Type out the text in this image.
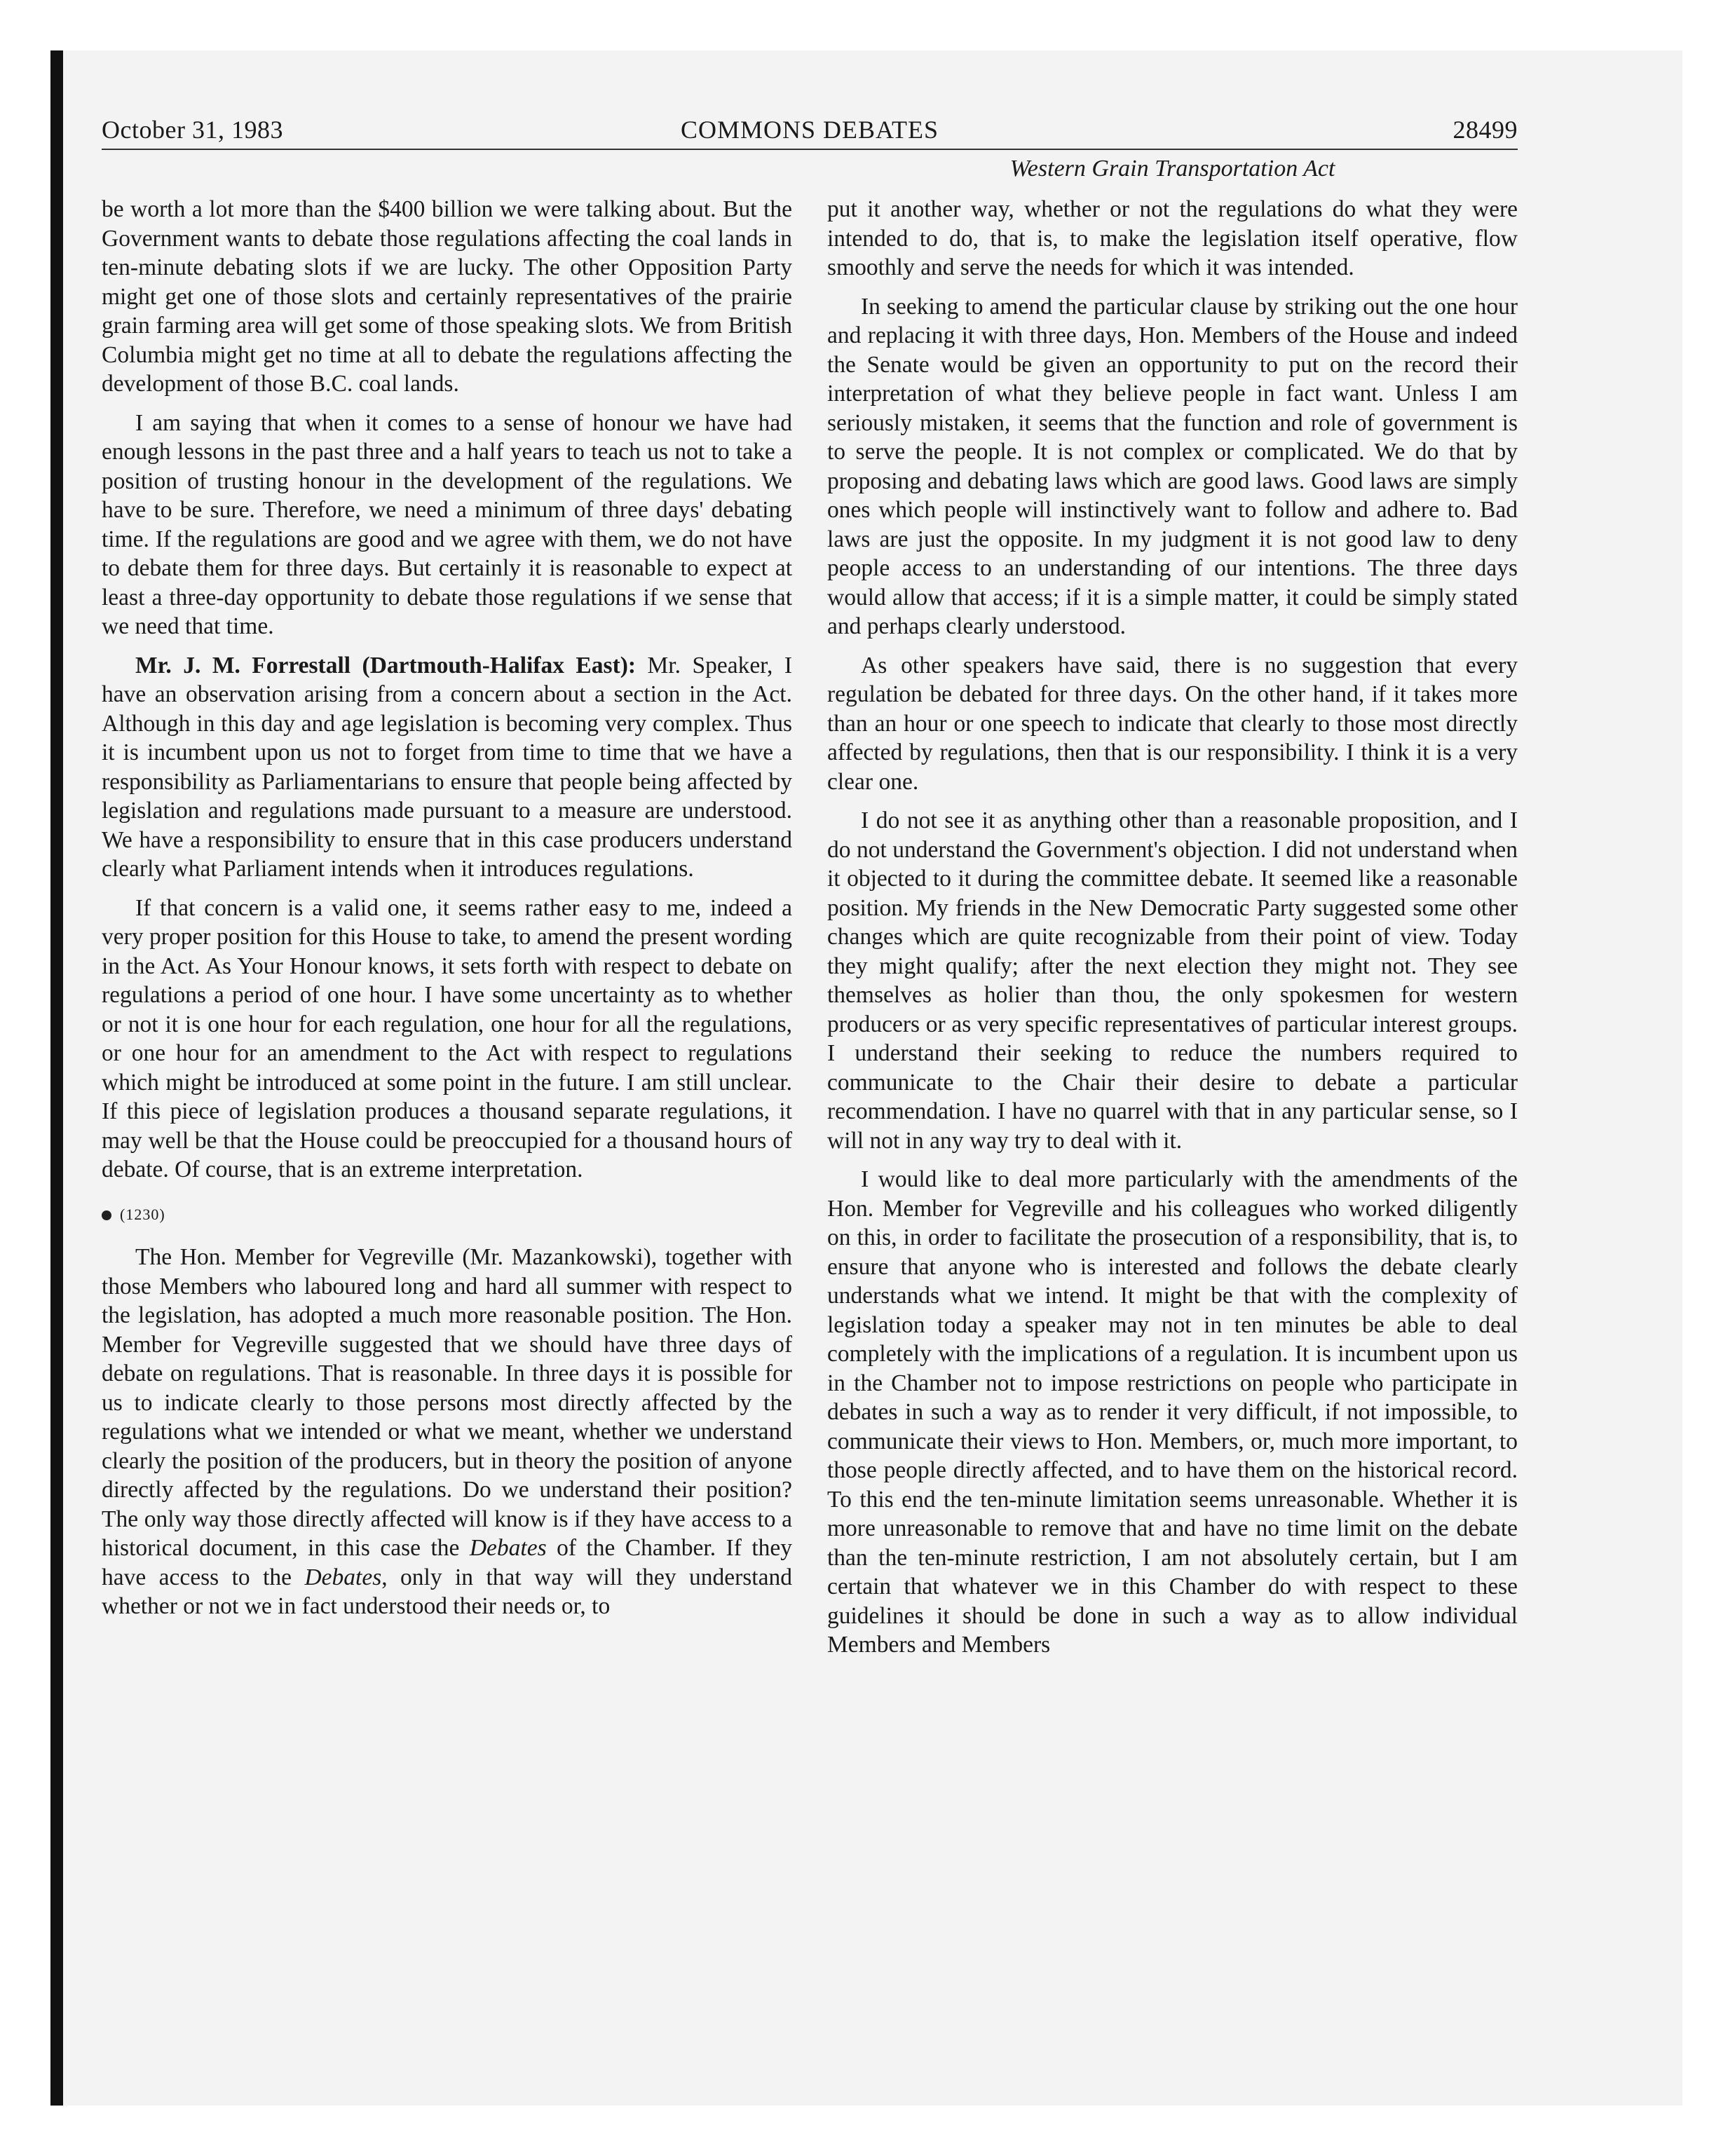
October 31, 1983	COMMONS DEBATES	28499
Western Grain Transportation Act

be worth a lot more than the $400 billion we were talking about. But the Government wants to debate those regulations affecting the coal lands in ten-minute debating slots if we are lucky. The other Opposition Party might get one of those slots and certainly representatives of the prairie grain farming area will get some of those speaking slots. We from British Columbia might get no time at all to debate the regulations affecting the development of those B.C. coal lands.

I am saying that when it comes to a sense of honour we have had enough lessons in the past three and a half years to teach us not to take a position of trusting honour in the development of the regulations. We have to be sure. Therefore, we need a minimum of three days' debating time. If the regulations are good and we agree with them, we do not have to debate them for three days. But certainly it is reasonable to expect at least a three-day opportunity to debate those regulations if we sense that we need that time.

Mr. J. M. Forrestall (Dartmouth-Halifax East): Mr. Speaker, I have an observation arising from a concern about a section in the Act. Although in this day and age legislation is becoming very complex. Thus it is incumbent upon us not to forget from time to time that we have a responsibility as Parliamentarians to ensure that people being affected by legislation and regulations made pursuant to a measure are understood. We have a responsibility to ensure that in this case producers understand clearly what Parliament intends when it introduces regulations.

If that concern is a valid one, it seems rather easy to me, indeed a very proper position for this House to take, to amend the present wording in the Act. As Your Honour knows, it sets forth with respect to debate on regulations a period of one hour. I have some uncertainty as to whether or not it is one hour for each regulation, one hour for all the regulations, or one hour for an amendment to the Act with respect to regulations which might be introduced at some point in the future. I am still unclear. If this piece of legislation produces a thousand separate regulations, it may well be that the House could be preoccupied for a thousand hours of debate. Of course, that is an extreme interpretation.

(1230)

The Hon. Member for Vegreville (Mr. Mazankowski), together with those Members who laboured long and hard all summer with respect to the legislation, has adopted a much more reasonable position. The Hon. Member for Vegreville suggested that we should have three days of debate on regulations. That is reasonable. In three days it is possible for us to indicate clearly to those persons most directly affected by the regulations what we intended or what we meant, whether we understand clearly the position of the producers, but in theory the position of anyone directly affected by the regulations. Do we understand their position? The only way those directly affected will know is if they have access to a historical document, in this case the Debates of the Chamber. If they have access to the Debates, only in that way will they understand whether or not we in fact understood their needs or, to

put it another way, whether or not the regulations do what they were intended to do, that is, to make the legislation itself operative, flow smoothly and serve the needs for which it was intended.

In seeking to amend the particular clause by striking out the one hour and replacing it with three days, Hon. Members of the House and indeed the Senate would be given an opportunity to put on the record their interpretation of what they believe people in fact want. Unless I am seriously mistaken, it seems that the function and role of government is to serve the people. It is not complex or complicated. We do that by proposing and debating laws which are good laws. Good laws are simply ones which people will instinctively want to follow and adhere to. Bad laws are just the opposite. In my judgment it is not good law to deny people access to an understanding of our intentions. The three days would allow that access; if it is a simple matter, it could be simply stated and perhaps clearly understood.

As other speakers have said, there is no suggestion that every regulation be debated for three days. On the other hand, if it takes more than an hour or one speech to indicate that clearly to those most directly affected by regulations, then that is our responsibility. I think it is a very clear one.

I do not see it as anything other than a reasonable proposition, and I do not understand the Government's objection. I did not understand when it objected to it during the committee debate. It seemed like a reasonable position. My friends in the New Democratic Party suggested some other changes which are quite recognizable from their point of view. Today they might qualify; after the next election they might not. They see themselves as holier than thou, the only spokesmen for western producers or as very specific representatives of particular interest groups. I understand their seeking to reduce the numbers required to communicate to the Chair their desire to debate a particular recommendation. I have no quarrel with that in any particular sense, so I will not in any way try to deal with it.

I would like to deal more particularly with the amendments of the Hon. Member for Vegreville and his colleagues who worked diligently on this, in order to facilitate the prosecution of a responsibility, that is, to ensure that anyone who is interested and follows the debate clearly understands what we intend. It might be that with the complexity of legislation today a speaker may not in ten minutes be able to deal completely with the implications of a regulation. It is incumbent upon us in the Chamber not to impose restrictions on people who participate in debates in such a way as to render it very difficult, if not impossible, to communicate their views to Hon. Members, or, much more important, to those people directly affected, and to have them on the historical record. To this end the ten-minute limitation seems unreasonable. Whether it is more unreasonable to remove that and have no time limit on the debate than the ten-minute restriction, I am not absolutely certain, but I am certain that whatever we in this Chamber do with respect to these guidelines it should be done in such a way as to allow individual Members and Members
